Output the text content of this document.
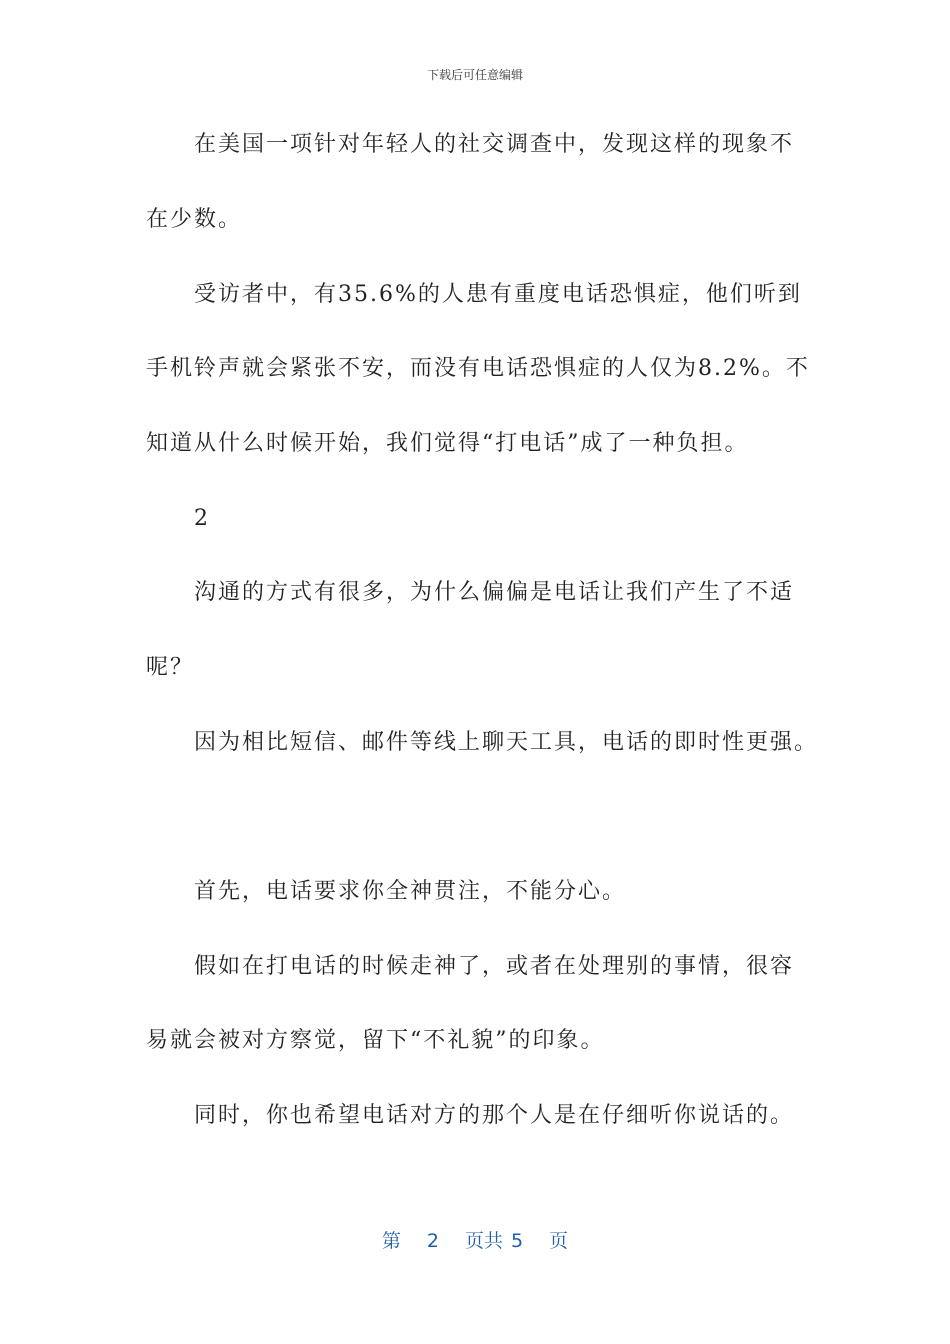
下载后可任意编辑
在美国一项针对年轻人的社交调查中，发现这样的现象不
在少数。
受访者中，有35.6%的人患有重度电话恐惧症，他们听到
手机铃声就会紧张不安，而没有电话恐惧症的人仅为8.2%。不
知道从什么时候开始，我们觉得“打电话”成了一种负担。
2
沟通的方式有很多，为什么偏偏是电话让我们产生了不适
呢？
因为相比短信、邮件等线上聊天工具，电话的即时性更强。
首先，电话要求你全神贯注，不能分心。
假如在打电话的时候走神了，或者在处理别的事情，很容
易就会被对方察觉，留下“不礼貌”的印象。
同时，你也希望电话对方的那个人是在仔细听你说话的。
第 2 页共 5 页
